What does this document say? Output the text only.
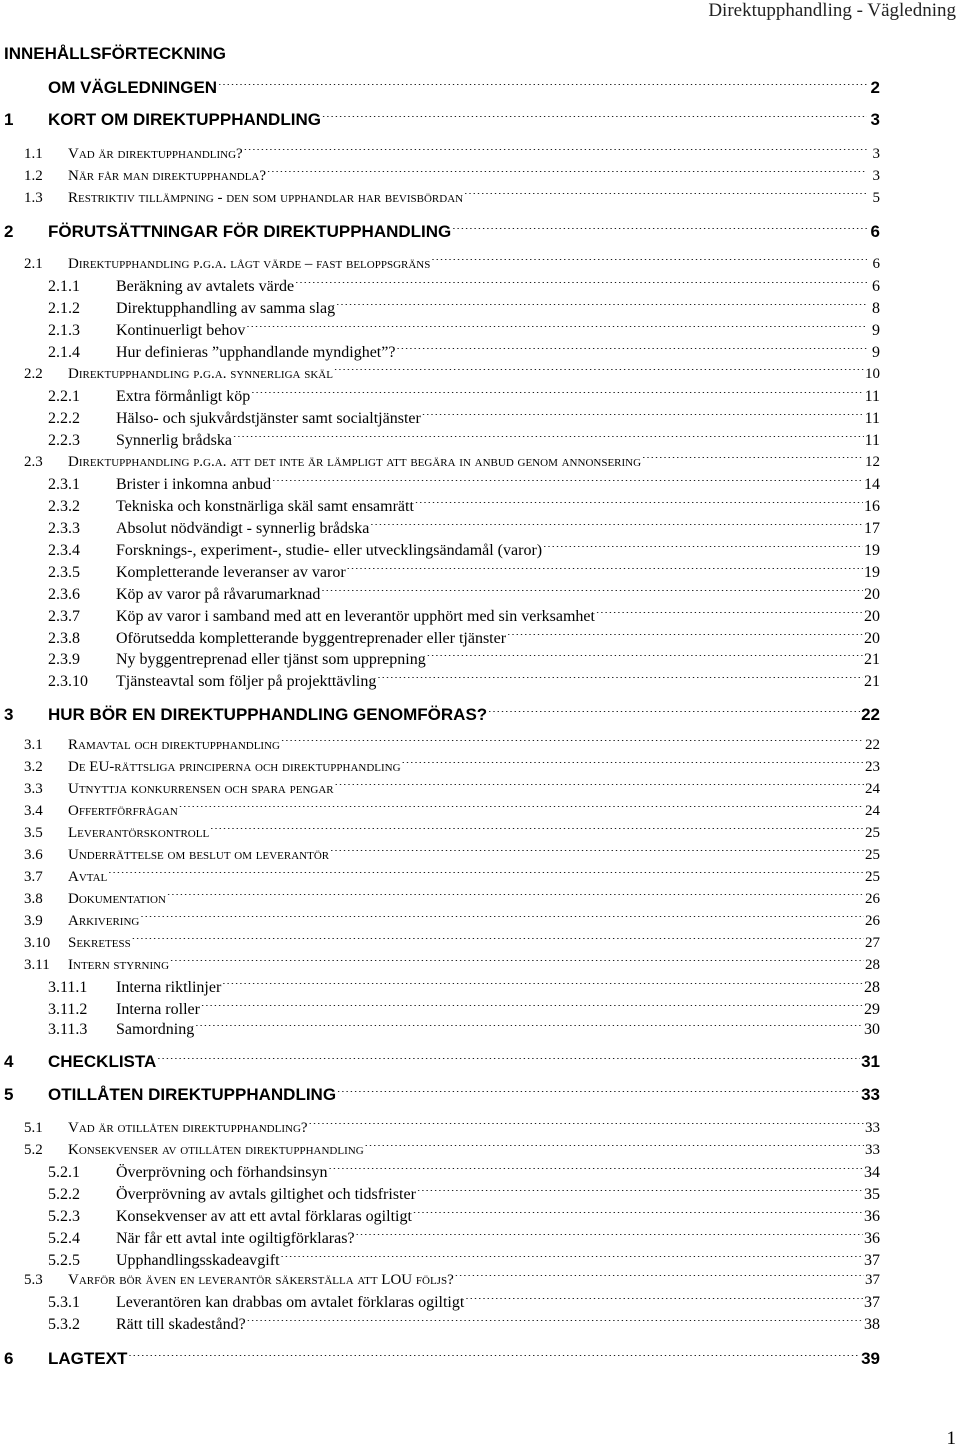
Direktupphandling - Vägledning
INNEHÅLLSFÖRTECKNING
OM VÄGLEDNINGEN .....	2
1	KORT OM DIREKTUPPHANDLING .....	3
1.1	Vad är direktupphandling? .....	3
1.2	När får man direktupphandla? .....	3
1.3	Restriktiv tillämpning - den som upphandlar har bevisbördan .....	5
2	FÖRUTSÄTTNINGAR FÖR DIREKTUPPHANDLING .....	6
2.1	Direktupphandling p.g.a. lågt värde – fast beloppsgräns .....	6
2.1.1	Beräkning av avtalets värde .....	6
2.1.2	Direktupphandling av samma slag .....	8
2.1.3	Kontinuerligt behov .....	9
2.1.4	Hur definieras ”upphandlande myndighet”? .....	9
2.2	Direktupphandling p.g.a. synnerliga skäl .....	10
2.2.1	Extra förmånligt köp .....	11
2.2.2	Hälso- och sjukvårdstjänster samt socialtjänster .....	11
2.2.3	Synnerlig brådska .....	11
2.3	Direktupphandling p.g.a. att det inte är lämpligt att begära in anbud genom annonsering .....	12
2.3.1	Brister i inkomna anbud .....	14
2.3.2	Tekniska och konstnärliga skäl samt ensamrätt .....	16
2.3.3	Absolut nödvändigt - synnerlig brådska .....	17
2.3.4	Forsknings-, experiment-, studie- eller utvecklingsändamål (varor) .....	19
2.3.5	Kompletterande leveranser av varor .....	19
2.3.6	Köp av varor på råvarumarknad .....	20
2.3.7	Köp av varor i samband med att en leverantör upphört med sin verksamhet .....	20
2.3.8	Oförutsedda kompletterande byggentreprenader eller tjänster .....	20
2.3.9	Ny byggentreprenad eller tjänst som upprepning .....	21
2.3.10	Tjänsteavtal som följer på projekttävling .....	21
3	HUR BÖR EN DIREKTUPPHANDLING GENOMFÖRAS? .....	22
3.1	Ramavtal och direktupphandling .....	22
3.2	De EU-rättsliga principerna och direktupphandling .....	23
3.3	Utnyttja konkurrensen och spara pengar .....	24
3.4	Offertförfrågan .....	24
3.5	Leverantörskontroll .....	25
3.6	Underrättelse om beslut om leverantör .....	25
3.7	Avtal .....	25
3.8	Dokumentation .....	26
3.9	Arkivering .....	26
3.10	Sekretess .....	27
3.11	Intern styrning .....	28
3.11.1	Interna riktlinjer .....	28
3.11.2	Interna roller .....	29
3.11.3	Samordning .....	30
4	CHECKLISTA .....	31
5	OTILLÅTEN DIREKTUPPHANDLING .....	33
5.1	Vad är otillåten direktupphandling? .....	33
5.2	Konsekvenser av otillåten direktupphandling .....	33
5.2.1	Överprövning och förhandsinsyn .....	34
5.2.2	Överprövning av avtals giltighet och tidsfrister .....	35
5.2.3	Konsekvenser av att ett avtal förklaras ogiltigt .....	36
5.2.4	När får ett avtal inte ogiltigförklaras? .....	36
5.2.5	Upphandlingsskadeavgift .....	37
5.3	Varför bör även en leverantör säkerställa att LOU följs? .....	37
5.3.1	Leverantören kan drabbas om avtalet förklaras ogiltigt .....	37
5.3.2	Rätt till skadestånd? .....	38
6	LAGTEXT .....	39
1
